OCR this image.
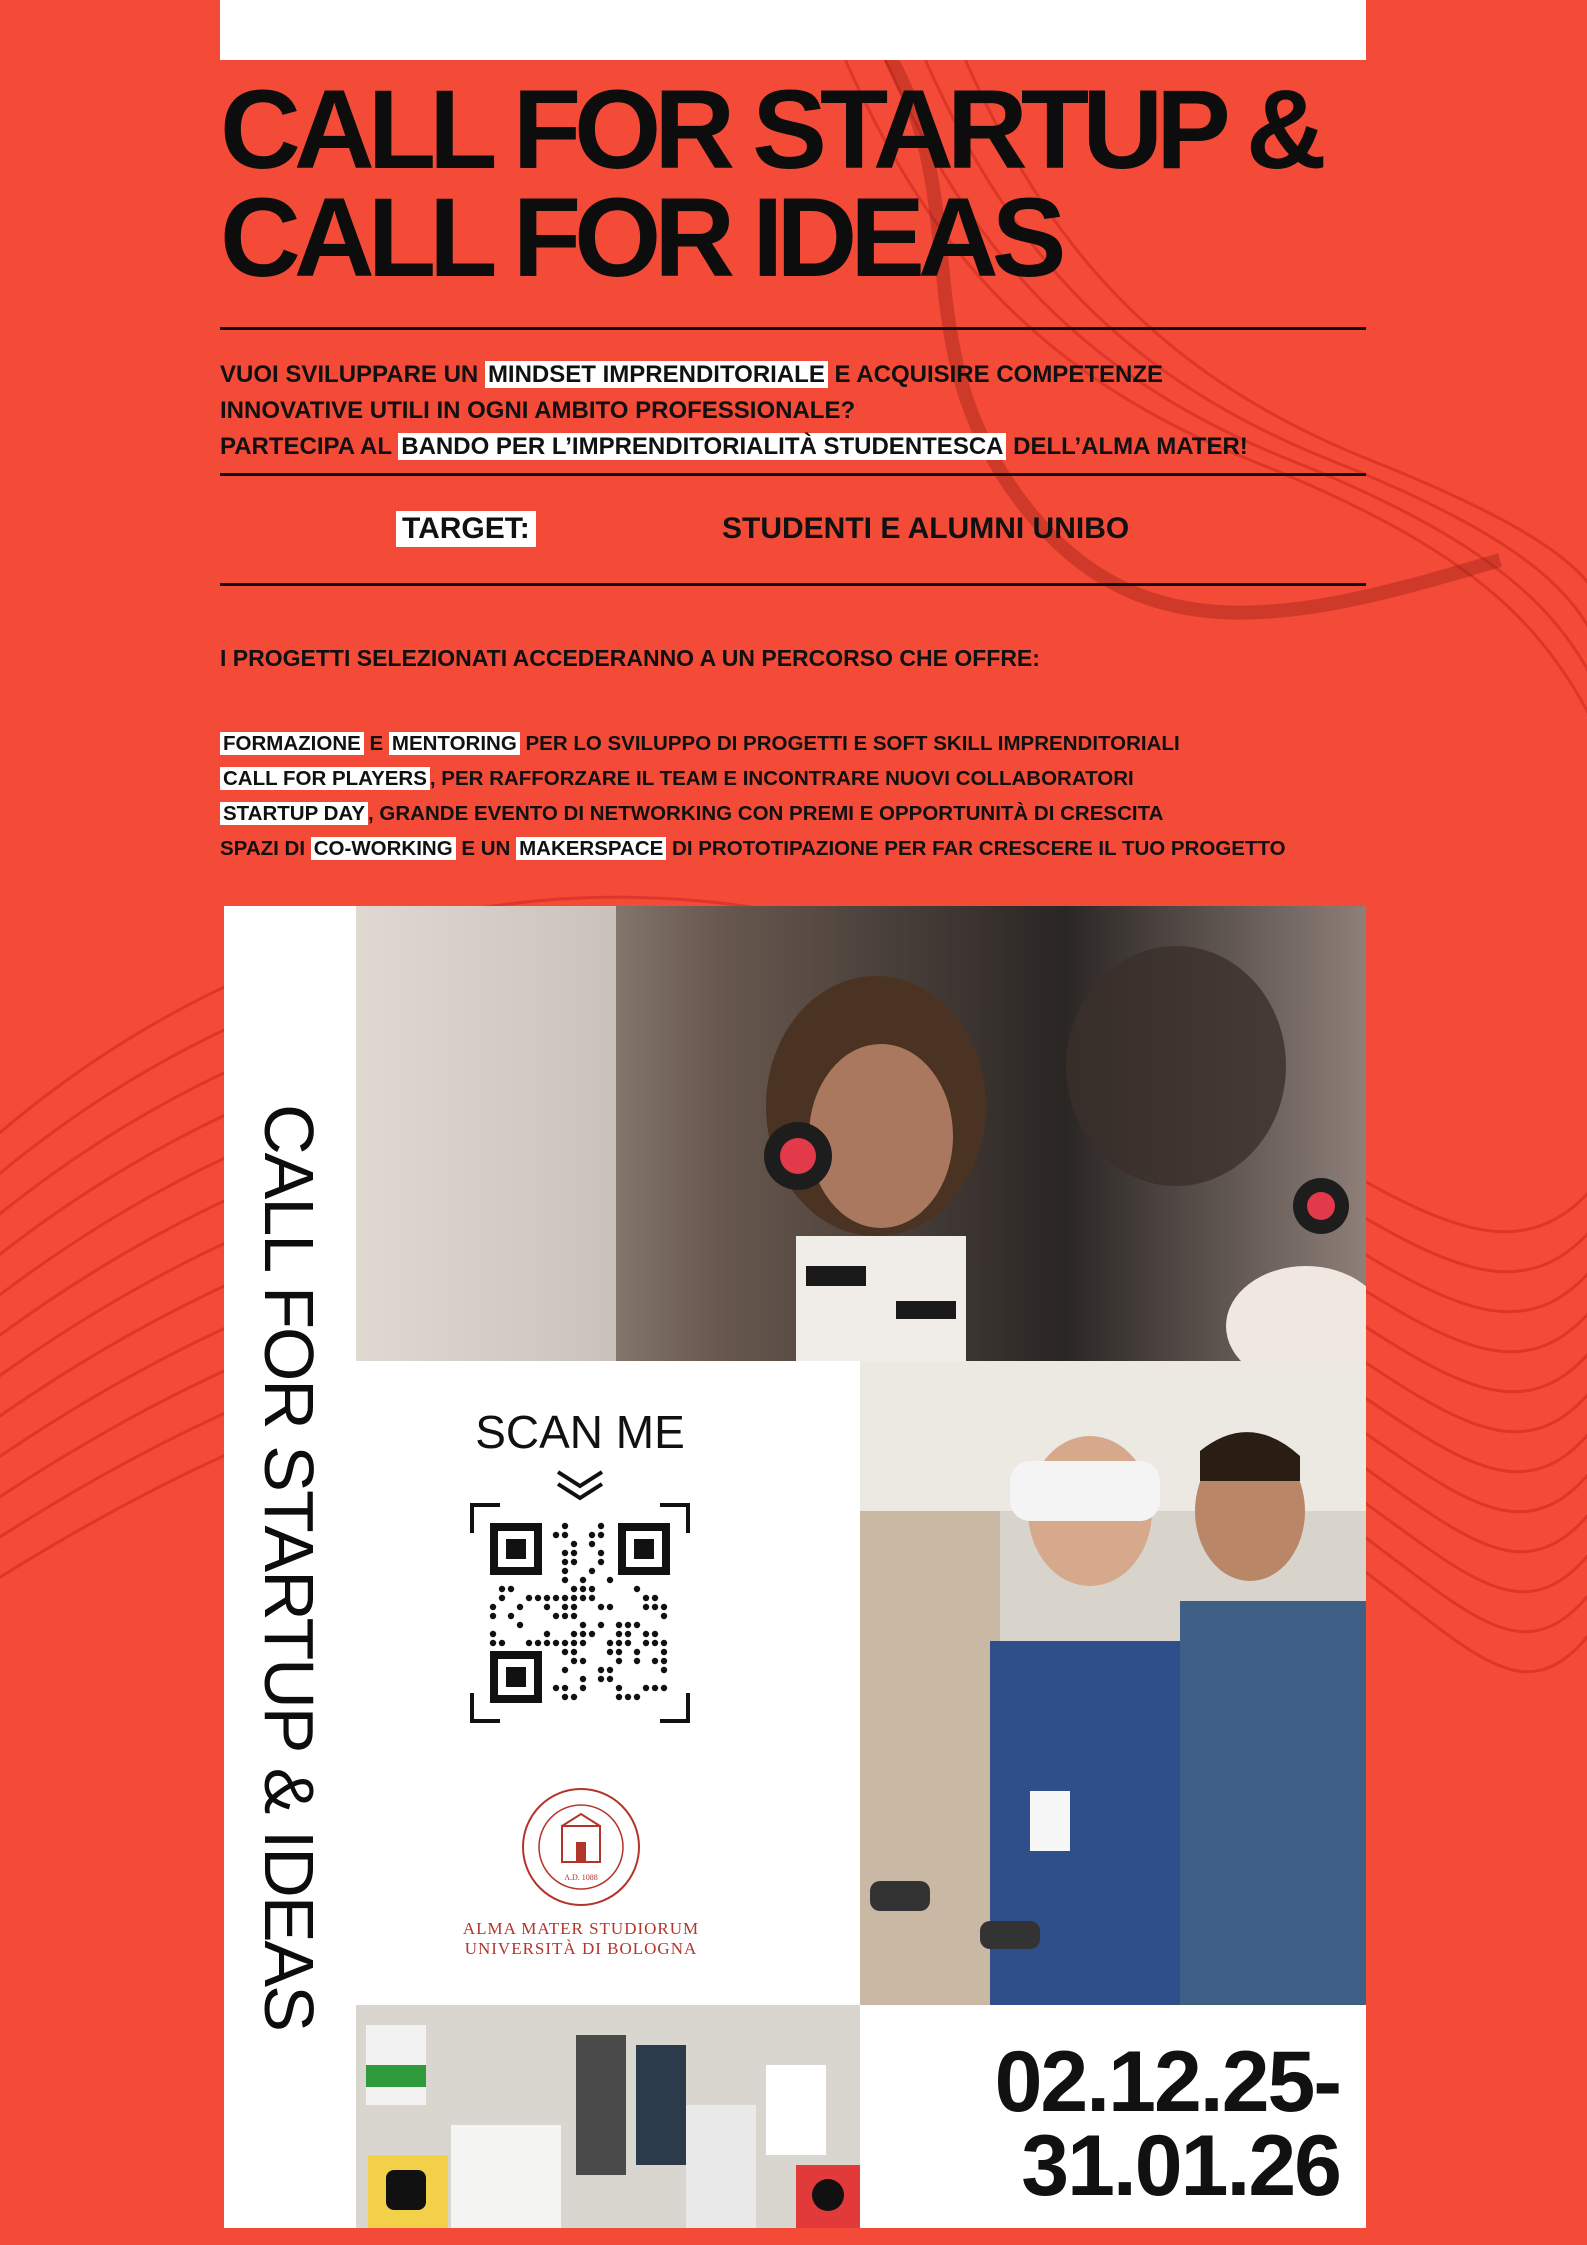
CALL FOR STARTUP &
CALL FOR IDEAS
VUOI SVILUPPARE UN MINDSET IMPRENDITORIALE E ACQUISIRE COMPETENZE
INNOVATIVE UTILI IN OGNI AMBITO PROFESSIONALE?
PARTECIPA AL BANDO PER L’IMPRENDITORIALITÀ STUDENTESCA DELL’ALMA MATER!
TARGET:	STUDENTI E ALUMNI UNIBO
I PROGETTI SELEZIONATI ACCEDERANNO A UN PERCORSO CHE OFFRE:
FORMAZIONE E MENTORING PER LO SVILUPPO DI PROGETTI E SOFT SKILL IMPRENDITORIALI
CALL FOR PLAYERS , PER RAFFORZARE IL TEAM E INCONTRARE NUOVI COLLABORATORI
STARTUP DAY , GRANDE EVENTO DI NETWORKING CON PREMI E OPPORTUNITÀ DI CRESCITA
SPAZI DI CO-WORKING E UN MAKERSPACE DI PROTOTIPAZIONE PER FAR CRESCERE IL TUO PROGETTO
CALL FOR STARTUP & IDEAS	SCAN ME
A.D. 1088
ALMA MATER STUDIORUM
UNIVERSITÀ DI BOLOGNA
02.12.25-
31.01.26
